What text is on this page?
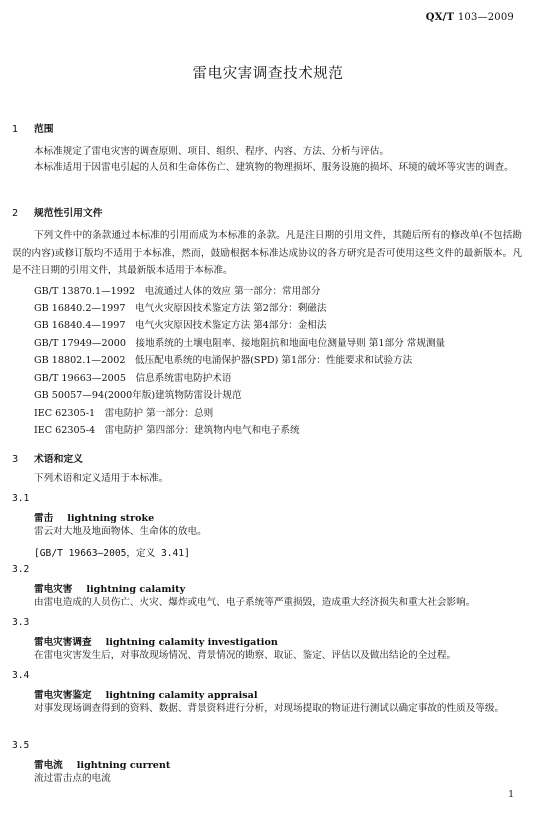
QX/T 103—2009
雷电灾害调查技术规范
1 范围
本标准规定了雷电灾害的调查原则、项目、组织、程序、内容、方法、分析与评估。
本标准适用于因雷电引起的人员和生命体伤亡、建筑物的物理损坏、服务设施的损坏、环境的破坏等灾害的调查。
2 规范性引用文件
下列文件中的条款通过本标准的引用而成为本标准的条款。凡是注日期的引用文件，其随后所有的修改单(不包括勘误的内容)或修订版均不适用于本标准，然而，鼓励根据本标准达成协议的各方研究是否可使用这些文件的最新版本。凡是不注日期的引用文件，其最新版本适用于本标准。
GB/T 13870.1—1992　电流通过人体的效应 第一部分：常用部分
GB 16840.2—1997　电气火灾原因技术鉴定方法 第2部分：剩磁法
GB 16840.4—1997　电气火灾原因技术鉴定方法 第4部分：金相法
GB/T 17949—2000　接地系统的土壤电阻率、接地阻抗和地面电位测量导则 第1部分 常规测量
GB 18802.1—2002　低压配电系统的电涌保护器(SPD) 第1部分：性能要求和试验方法
GB/T 19663—2005　信息系统雷电防护术语
GB 50057—94(2000年版)建筑物防雷设计规范
IEC 62305-1　雷电防护 第一部分：总则
IEC 62305-4　雷电防护 第四部分：建筑物内电气和电子系统
3 术语和定义
下列术语和定义适用于本标准。
3.1
雷击 lightning stroke
雷云对大地及地面物体、生命体的放电。
[GB/T 19663—2005，定义 3.41]
3.2
雷电灾害 lightning calamity
由雷电造成的人员伤亡、火灾、爆炸或电气、电子系统等严重损毁，造成重大经济损失和重大社会影响。
3.3
雷电灾害调查 lightning calamity investigation
在雷电灾害发生后，对事故现场情况、背景情况的勘察、取证、鉴定、评估以及做出结论的全过程。
3.4
雷电灾害鉴定 lightning calamity appraisal
对事发现场调查得到的资料、数据、背景资料进行分析，对现场提取的物证进行测试以确定事故的性质及等级。
3.5
雷电流 lightning current
流过雷击点的电流
1
